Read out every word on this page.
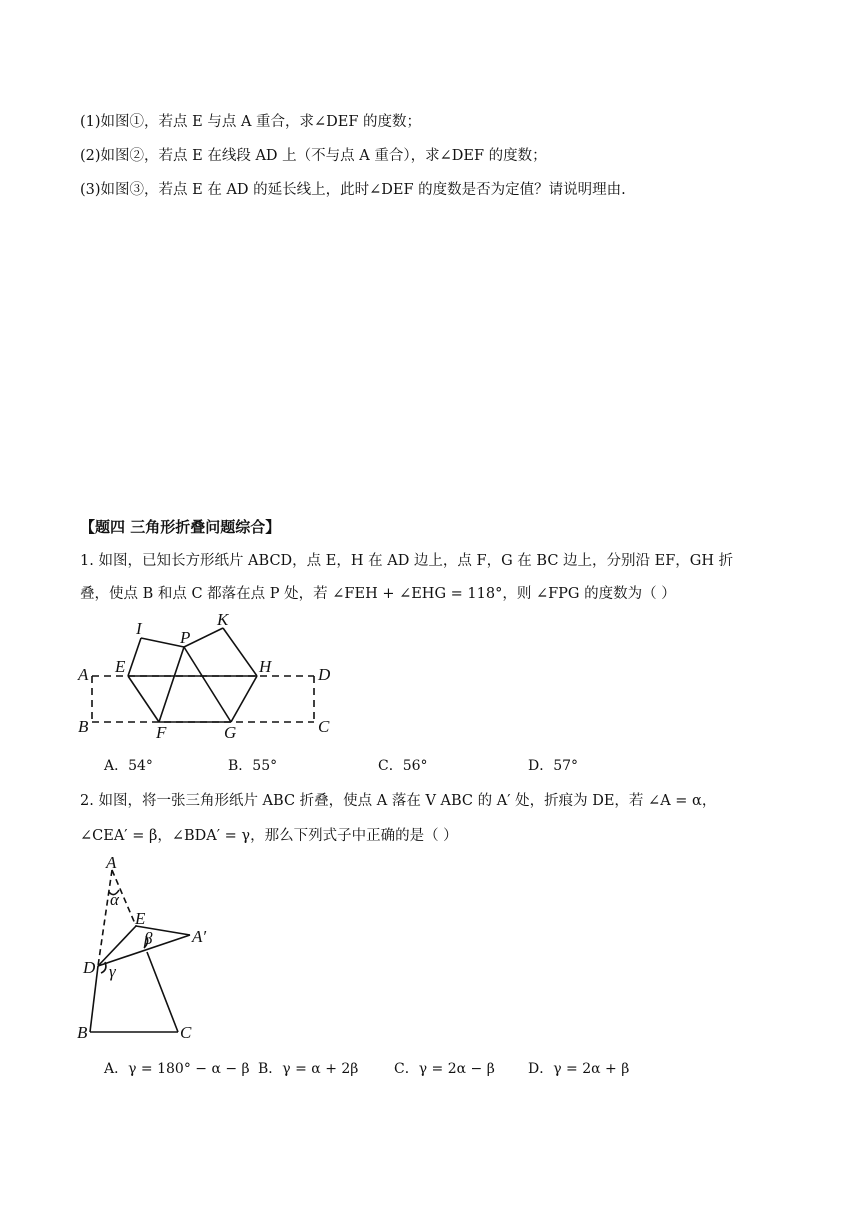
(1)如图①，若点 E 与点 A 重合，求∠DEF 的度数；
(2)如图②，若点 E 在线段 AD 上（不与点 A 重合），求∠DEF 的度数；
(3)如图③，若点 E 在 AD 的延长线上，此时∠DEF 的度数是否为定值？请说明理由.
【题四 三角形折叠问题综合】
1. 如图，已知长方形纸片 ABCD，点 E，H 在 AD 边上，点 F，G 在 BC 边上，分别沿 EF，GH 折
叠，使点 B 和点 C 都落在点 P 处，若 ∠FEH + ∠EHG = 118°，则 ∠FPG 的度数为（ ）
I	K
P
A E	H	D
B	F	G	C
A．54°	B．55°	C．56°	D．57°
2. 如图，将一张三角形纸片 ABC 折叠，使点 A 落在 V ABC 的 A′ 处，折痕为 DE，若 ∠A = α，
∠CEA′ = β，∠BDA′ = γ，那么下列式子中正确的是（ ）
A
α
E
β A′
D γ
B	C
A．γ = 180° − α − β B．γ = α + 2β	C．γ = 2α − β D．γ = 2α + β
